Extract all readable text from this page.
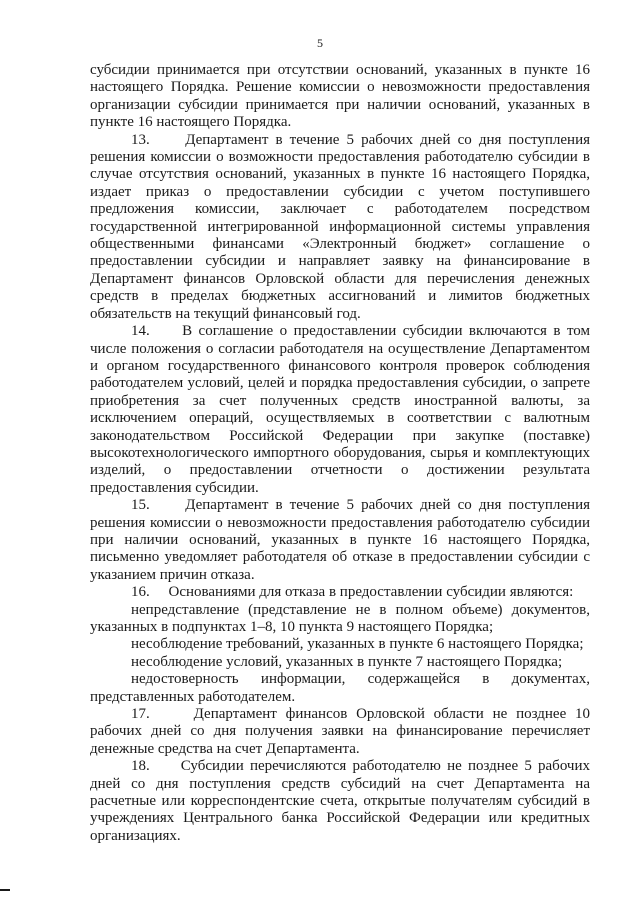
5

субсидии принимается при отсутствии оснований, указанных в пункте 16 настоящего Порядка. Решение комиссии о невозможности предоставления организации субсидии принимается при наличии оснований, указанных в пункте 16 настоящего Порядка.

13. Департамент в течение 5 рабочих дней со дня поступления решения комиссии о возможности предоставления работодателю субсидии в случае отсутствия оснований, указанных в пункте 16 настоящего Порядка, издает приказ о предоставлении субсидии с учетом поступившего предложения комиссии, заключает с работодателем посредством государственной интегрированной информационной системы управления общественными финансами «Электронный бюджет» соглашение о предоставлении субсидии и направляет заявку на финансирование в Департамент финансов Орловской области для перечисления денежных средств в пределах бюджетных ассигнований и лимитов бюджетных обязательств на текущий финансовый год.

14. В соглашение о предоставлении субсидии включаются в том числе положения о согласии работодателя на осуществление Департаментом и органом государственного финансового контроля проверок соблюдения работодателем условий, целей и порядка предоставления субсидии, о запрете приобретения за счет полученных средств иностранной валюты, за исключением операций, осуществляемых в соответствии с валютным законодательством Российской Федерации при закупке (поставке) высокотехнологического импортного оборудования, сырья и комплектующих изделий, о предоставлении отчетности о достижении результата предоставления субсидии.

15. Департамент в течение 5 рабочих дней со дня поступления решения комиссии о невозможности предоставления работодателю субсидии при наличии оснований, указанных в пункте 16 настоящего Порядка, письменно уведомляет работодателя об отказе в предоставлении субсидии с указанием причин отказа.

16. Основаниями для отказа в предоставлении субсидии являются:

непредставление (представление не в полном объеме) документов, указанных в подпунктах 1–8, 10 пункта 9 настоящего Порядка;

несоблюдение требований, указанных в пункте 6 настоящего Порядка;

несоблюдение условий, указанных в пункте 7 настоящего Порядка;

недостоверность информации, содержащейся в документах, представленных работодателем.

17.	Департамент финансов Орловской области не позднее 10 рабочих дней со дня получения заявки на финансирование перечисляет денежные средства на счет Департамента.

18. Субсидии перечисляются работодателю не позднее 5 рабочих дней со дня поступления средств субсидий на счет Департамента на расчетные или корреспондентские счета, открытые получателям субсидий в учреждениях Центрального банка Российской Федерации или кредитных организациях.
